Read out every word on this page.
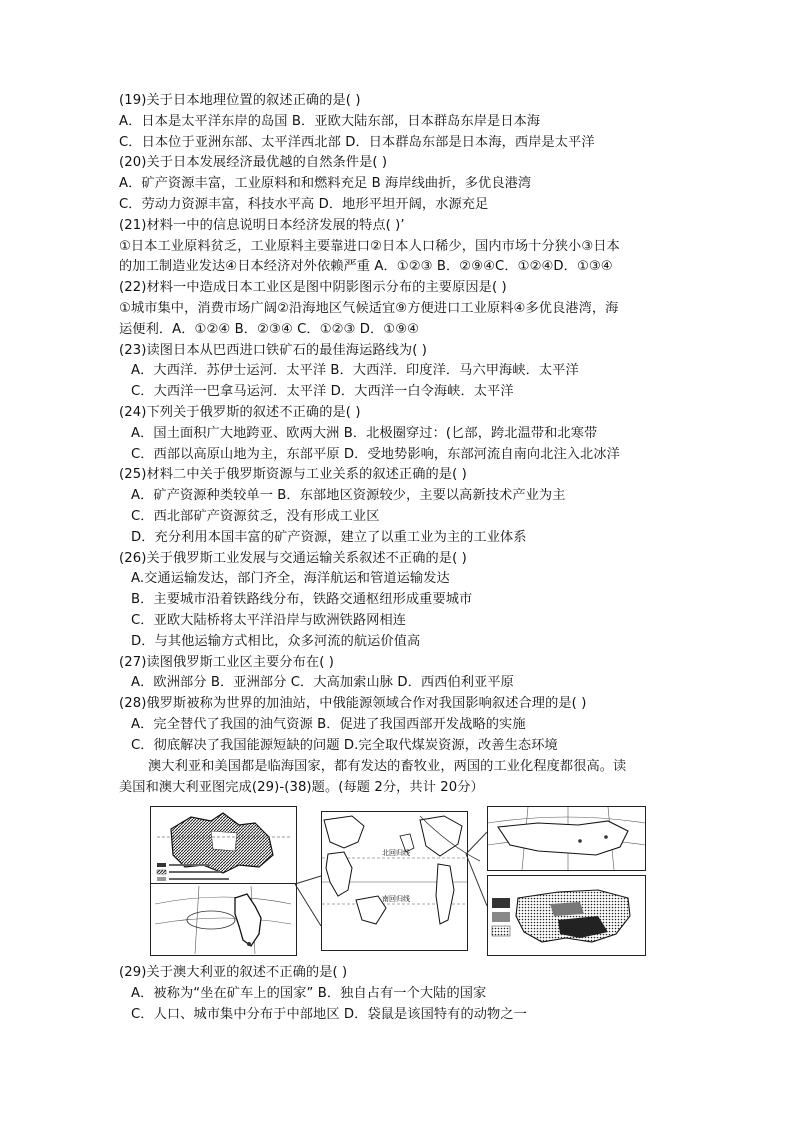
(19)关于日本地理位置的叙述正确的是( )
A．日本是太平洋东岸的岛国 B．亚欧大陆东部，日本群岛东岸是日本海
C．日本位于亚洲东部、太平洋西北部 D．日本群岛东部是日本海，西岸是太平洋
(20)关于日本发展经济最优越的自然条件是( )
A．矿产资源丰富，工业原料和和燃料充足 B 海岸线曲折，多优良港湾
C．劳动力资源丰富，科技水平高 D．地形平坦开阔，水源充足
(21)材料一中的信息说明日本经济发展的特点( )’
①日本工业原料贫乏，工业原料主要靠进口②日本人口稀少，国内市场十分狭小③日本
的加工制造业发达④日本经济对外依赖严重 A．①②③ B．②⑨④C．①②④D．①③④
(22)材料一中造成日本工业区是图中阴影图示分布的主要原因是( )
①城市集中，消费市场广阔②沿海地区气候适宜⑨方便进口工业原料④多优良港湾，海
运便利．A．①②④ B．②③④ C．①②③ D．①⑨④
(23)读图日本从巴西进口铁矿石的最佳海运路线为( )
A．大西洋．苏伊士运河．太平洋 B．大西洋．印度洋．马六甲海峡．太平洋
C．大西洋一巴拿马运河．太平洋 D．大西洋一白令海峡．太平洋
(24)下列关于俄罗斯的叙述不正确的是( )
A．国土面积广大地跨亚、欧两大洲 B．北极圈穿过：(匕部，跨北温带和北寒带
C．西部以高原山地为主，东部平原 D．受地势影响，东部河流自南向北注入北冰洋
(25)材料二中关于俄罗斯资源与工业关系的叙述正确的是( )
A．矿产资源种类较单一 B．东部地区资源较少，主要以高新技术产业为主
C．西北部矿产资源贫乏，没有形成工业区
D．充分利用本国丰富的矿产资源，建立了以重工业为主的工业体系
(26)关于俄罗斯工业发展与交通运输关系叙述不正确的是( )
A.交通运输发达，部门齐全，海洋航运和管道运输发达
B．主要城市沿着铁路线分布，铁路交通枢纽形成重要城市
C．亚欧大陆桥将太平洋沿岸与欧洲铁路网相连
D．与其他运输方式相比，众多河流的航运价值高
(27)读图俄罗斯工业区主要分布在( )
A．欧洲部分 B．亚洲部分 C．大高加索山脉 D．西西伯利亚平原
(28)俄罗斯被称为世界的加油站，中俄能源领域合作对我国影响叙述合理的是( )
A．完全替代了我国的油气资源 B．促进了我国西部开发战略的实施
C．彻底解决了我国能源短缺的问题 D.完全取代煤炭资源，改善生态环境
澳大利亚和美国都是临海国家，都有发达的畜牧业，两国的工业化程度都很高。读
美国和澳大利亚图完成(29)-(38)题。(每题 2分，共计 20分）
北回归线
南回归线
(29)关于澳大利亚的叙述不正确的是( )
A．被称为“坐在矿车上的国家” B．独自占有一个大陆的国家
C．人口、城市集中分布于中部地区 D．袋鼠是该国特有的动物之一
